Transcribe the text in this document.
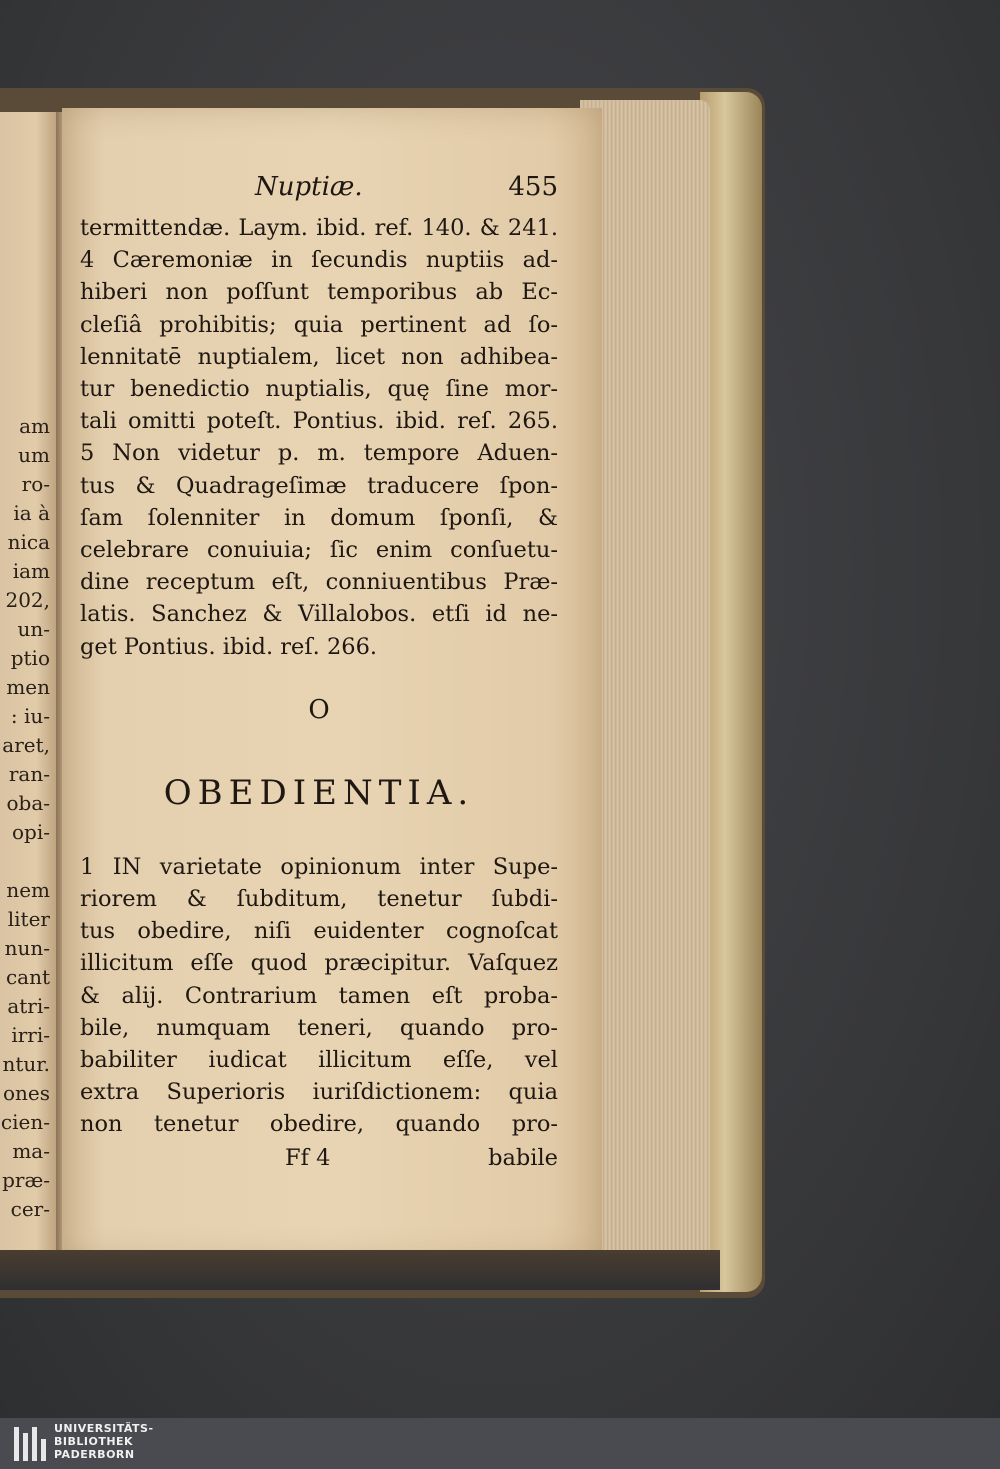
am
um
ro-
ia à
nica
iam
202,
un-
ptio
men
: iu-
aret,
ran-
oba-
opi-

nem
liter
nun-
cant
atri-
irri-
ntur.
ones
cien-
ma-
præ-
cer-
Nuptiæ.	455
termittendæ. Laym. ibid. ref. 140. & 241.
4 Cæremoniæ in ſecundis nuptiis ad-
hiberi non poſſunt temporibus ab Ec-
cleſiâ prohibitis; quia pertinent ad ſo-
lennitatē nuptialem, licet non adhibea-
tur benedictio nuptialis, quę ſine mor-
tali omitti poteſt. Pontius. ibid. reſ. 265.
5 Non videtur p. m. tempore Aduen-
tus & Quadrageſimæ traducere ſpon-
ſam ſolenniter in domum ſponſi, &
celebrare conuiuia; ſic enim conſuetu-
dine receptum eſt, conniuentibus Præ-
latis. Sanchez & Villalobos. etſi id ne-
get Pontius. ibid. reſ. 266.
O
OBEDIENTIA.
1 IN varietate opinionum inter Supe-
riorem & ſubditum, tenetur ſubdi-
tus obedire, niſi euidenter cognoſcat
illicitum eſſe quod præcipitur. Vaſquez
& alij. Contrarium tamen eſt proba-
bile, numquam teneri, quando pro-
babiliter iudicat illicitum eſſe, vel
extra Superioris iuriſdictionem: quia
non tenetur obedire, quando pro-
Ff 4	babile
UNIVERSITÄTS-
BIBLIOTHEK
PADERBORN
